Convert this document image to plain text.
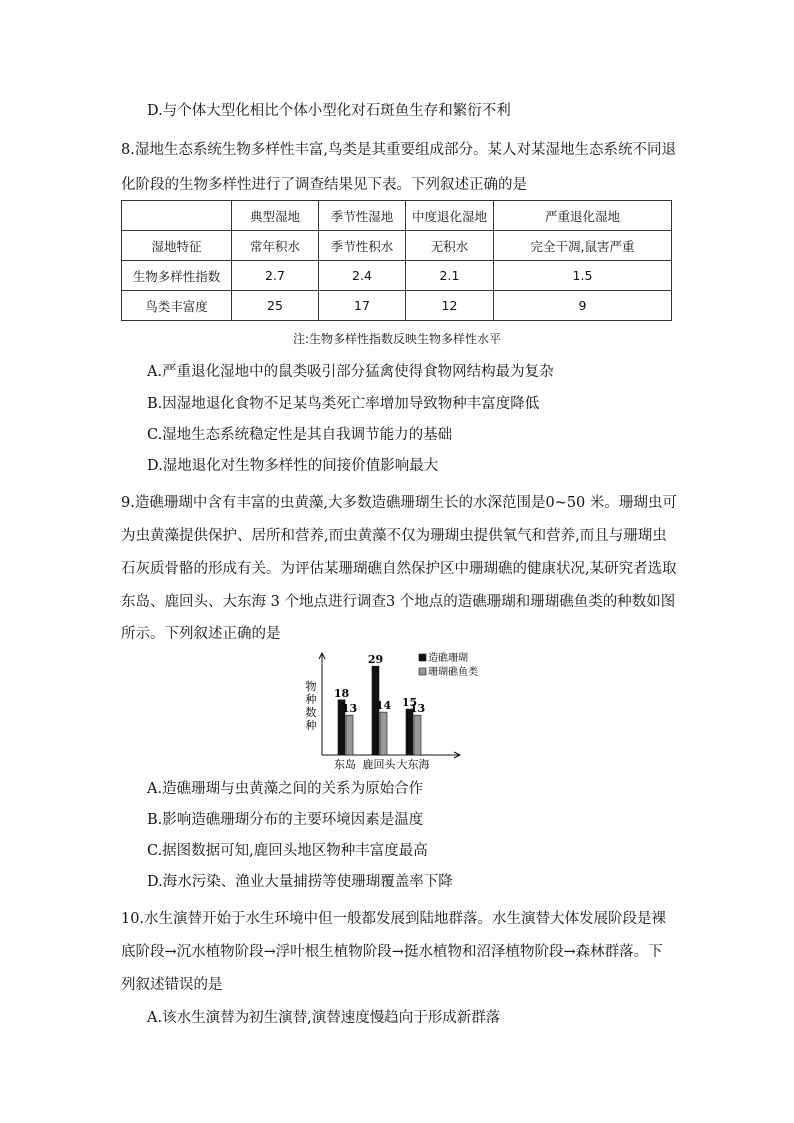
D.与个体大型化相比个体小型化对石斑鱼生存和繁衍不利
8.湿地生态系统生物多样性丰富,鸟类是其重要组成部分。某人对某湿地生态系统不同退
化阶段的生物多样性进行了调查结果见下表。下列叙述正确的是
	典型湿地	季节性湿地	中度退化湿地	严重退化湿地
湿地特征	常年积水	季节性积水	无积水	完全干凋,鼠害严重
生物多样性指数	2.7	2.4	2.1	1.5
鸟类丰富度	25	17	12	9
注:生物多样性指数反映生物多样性水平
A.严重退化湿地中的鼠类吸引部分猛禽使得食物网结构最为复杂
B.因湿地退化食物不足某鸟类死亡率增加导致物种丰富度降低
C.湿地生态系统稳定性是其自我调节能力的基础
D.湿地退化对生物多样性的间接价值影响最大
9.造礁珊瑚中含有丰富的虫黄藻,大多数造礁珊瑚生长的水深范围是0~50 米。珊瑚虫可
为虫黄藻提供保护、居所和营养,而虫黄藻不仅为珊瑚虫提供氧气和营养,而且与珊瑚虫
石灰质骨骼的形成有关。为评估某珊瑚礁自然保护区中珊瑚礁的健康状况,某研究者选取
东岛、鹿回头、大东海 3 个地点进行调查3 个地点的造礁珊瑚和珊瑚礁鱼类的种数如图
所示。下列叙述正确的是
物
种
数
种
18
13
东岛
29
14
鹿回头
15
13
大东海
造礁珊瑚
珊瑚礁鱼类
A.造礁珊瑚与虫黄藻之间的关系为原始合作
B.影响造礁珊瑚分布的主要环境因素是温度
C.据图数据可知,鹿回头地区物种丰富度最高
D.海水污染、渔业大量捕捞等使珊瑚覆盖率下降
10.水生演替开始于水生环境中但一般都发展到陆地群落。水生演替大体发展阶段是裸
底阶段→沉水植物阶段→浮叶根生植物阶段→挺水植物和沼泽植物阶段→森林群落。下
列叙述错误的是
A.该水生演替为初生演替,演替速度慢趋向于形成新群落
